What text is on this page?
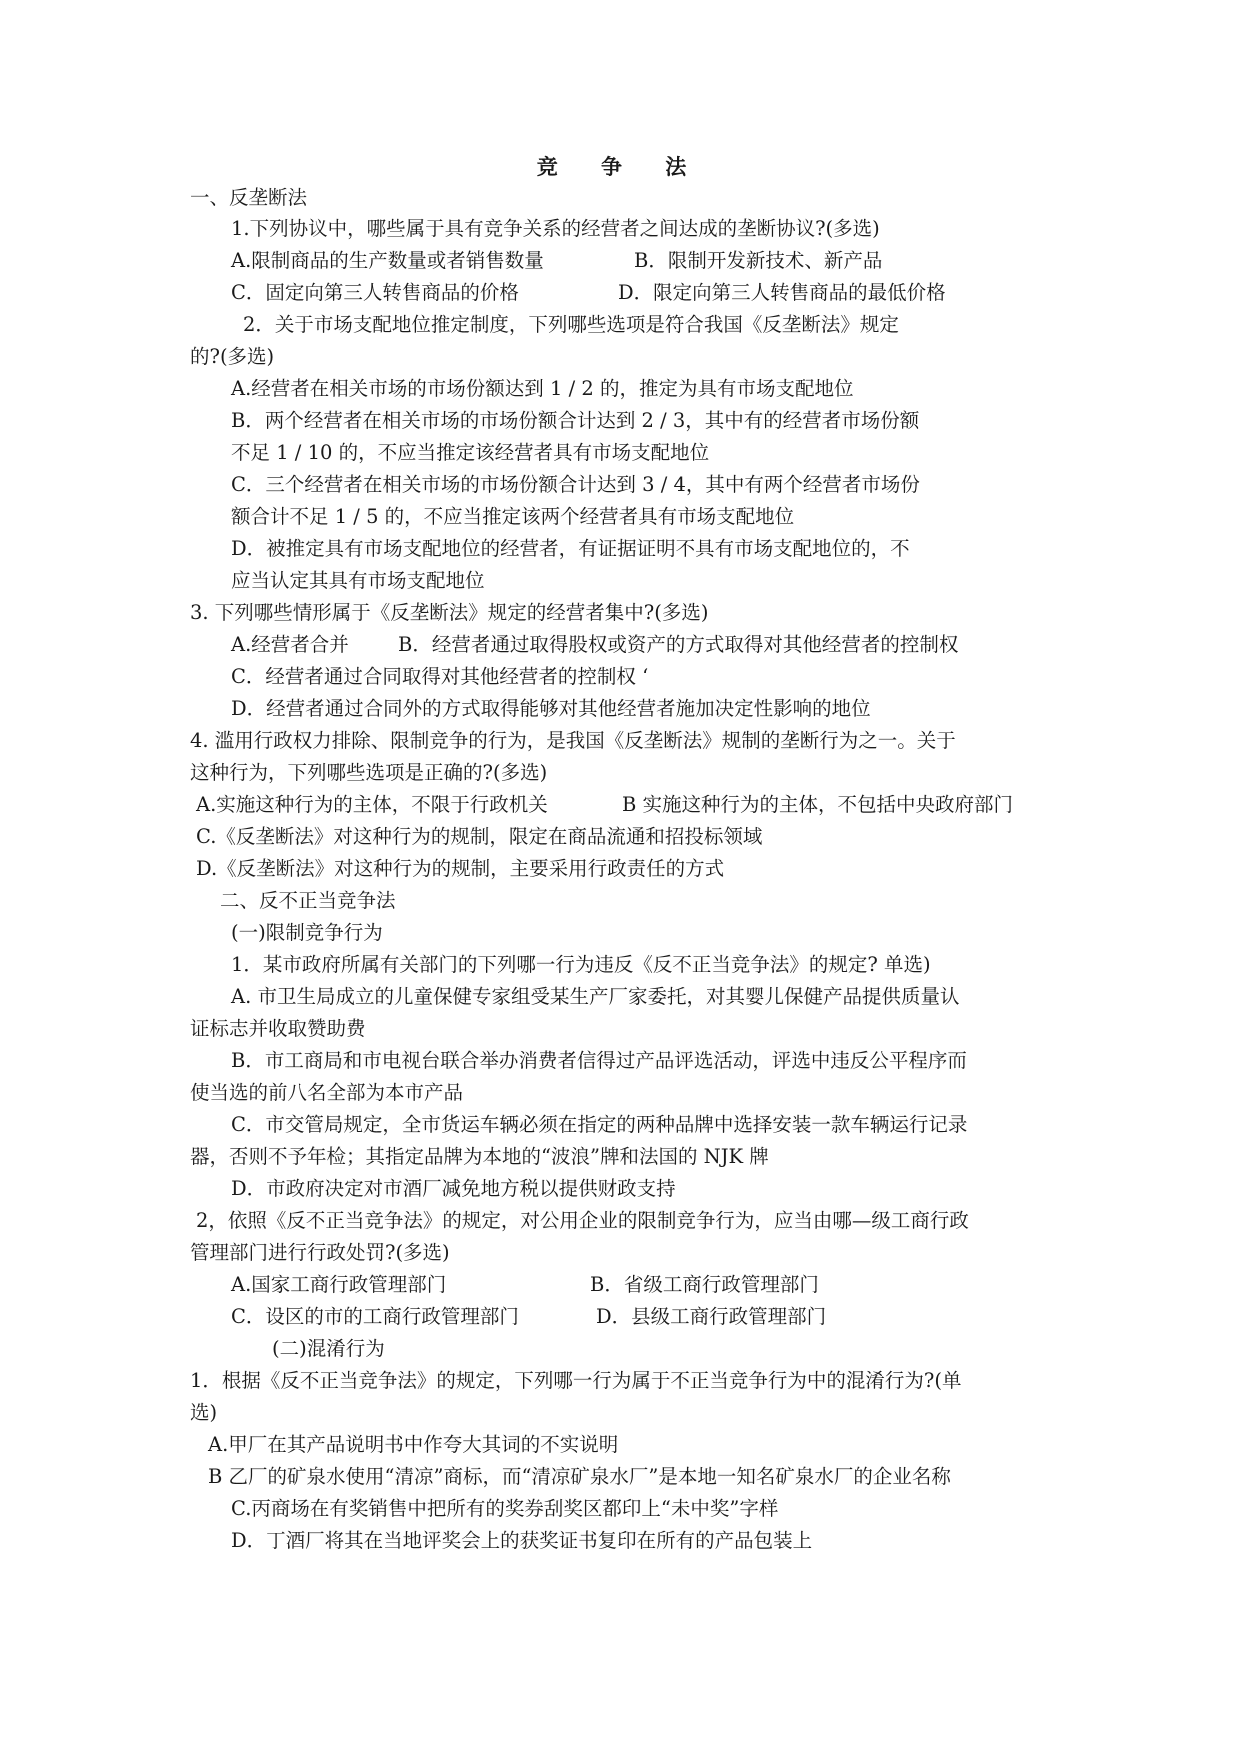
竞 争 法
一、反垄断法
1.下列协议中，哪些属于具有竞争关系的经营者之间达成的垄断协议?(多选)
A.限制商品的生产数量或者销售数量	B．限制开发新技术、新产品
C．固定向第三人转售商品的价格	D．限定向第三人转售商品的最低价格
2．关于市场支配地位推定制度，下列哪些选项是符合我国《反垄断法》规定
的?(多选)
A.经营者在相关市场的市场份额达到 1 / 2 的，推定为具有市场支配地位
B．两个经营者在相关市场的市场份额合计达到 2 / 3，其中有的经营者市场份额
不足 1 / 10 的，不应当推定该经营者具有市场支配地位
C．三个经营者在相关市场的市场份额合计达到 3 / 4，其中有两个经营者市场份
额合计不足 1 / 5 的，不应当推定该两个经营者具有市场支配地位
D．被推定具有市场支配地位的经营者，有证据证明不具有市场支配地位的，不
应当认定其具有市场支配地位
3. 下列哪些情形属于《反垄断法》规定的经营者集中?(多选)
A.经营者合并	B．经营者通过取得股权或资产的方式取得对其他经营者的控制权
C．经营者通过合同取得对其他经营者的控制权 ‘
D．经营者通过合同外的方式取得能够对其他经营者施加决定性影响的地位
4. 滥用行政权力排除、限制竞争的行为，是我国《反垄断法》规制的垄断行为之一。关于
这种行为，下列哪些选项是正确的?(多选)
A.实施这种行为的主体，不限于行政机关	B 实施这种行为的主体，不包括中央政府部门
C.《反垄断法》对这种行为的规制，限定在商品流通和招投标领域
D.《反垄断法》对这种行为的规制，主要采用行政责任的方式
二、反不正当竞争法
(一)限制竞争行为
1．某市政府所属有关部门的下列哪一行为违反《反不正当竞争法》的规定? 单选)
A. 市卫生局成立的儿童保健专家组受某生产厂家委托，对其婴儿保健产品提供质量认
证标志并收取赞助费
B．市工商局和市电视台联合举办消费者信得过产品评选活动，评选中违反公平程序而
使当选的前八名全部为本市产品
C．市交管局规定，全市货运车辆必须在指定的两种品牌中选择安装一款车辆运行记录
器，否则不予年检；其指定品牌为本地的“波浪”牌和法国的 NJK 牌
D．市政府决定对市酒厂减免地方税以提供财政支持
2，依照《反不正当竞争法》的规定，对公用企业的限制竞争行为，应当由哪—级工商行政
管理部门进行行政处罚?(多选)
A.国家工商行政管理部门	B．省级工商行政管理部门
C．设区的市的工商行政管理部门	D．县级工商行政管理部门
(二)混淆行为
1．根据《反不正当竞争法》的规定，下列哪一行为属于不正当竞争行为中的混淆行为?(单
选)
A.甲厂在其产品说明书中作夸大其词的不实说明
B 乙厂的矿泉水使用“清凉”商标，而“清凉矿泉水厂”是本地一知名矿泉水厂的企业名称
C.丙商场在有奖销售中把所有的奖券刮奖区都印上“未中奖”字样
D．丁酒厂将其在当地评奖会上的获奖证书复印在所有的产品包装上
